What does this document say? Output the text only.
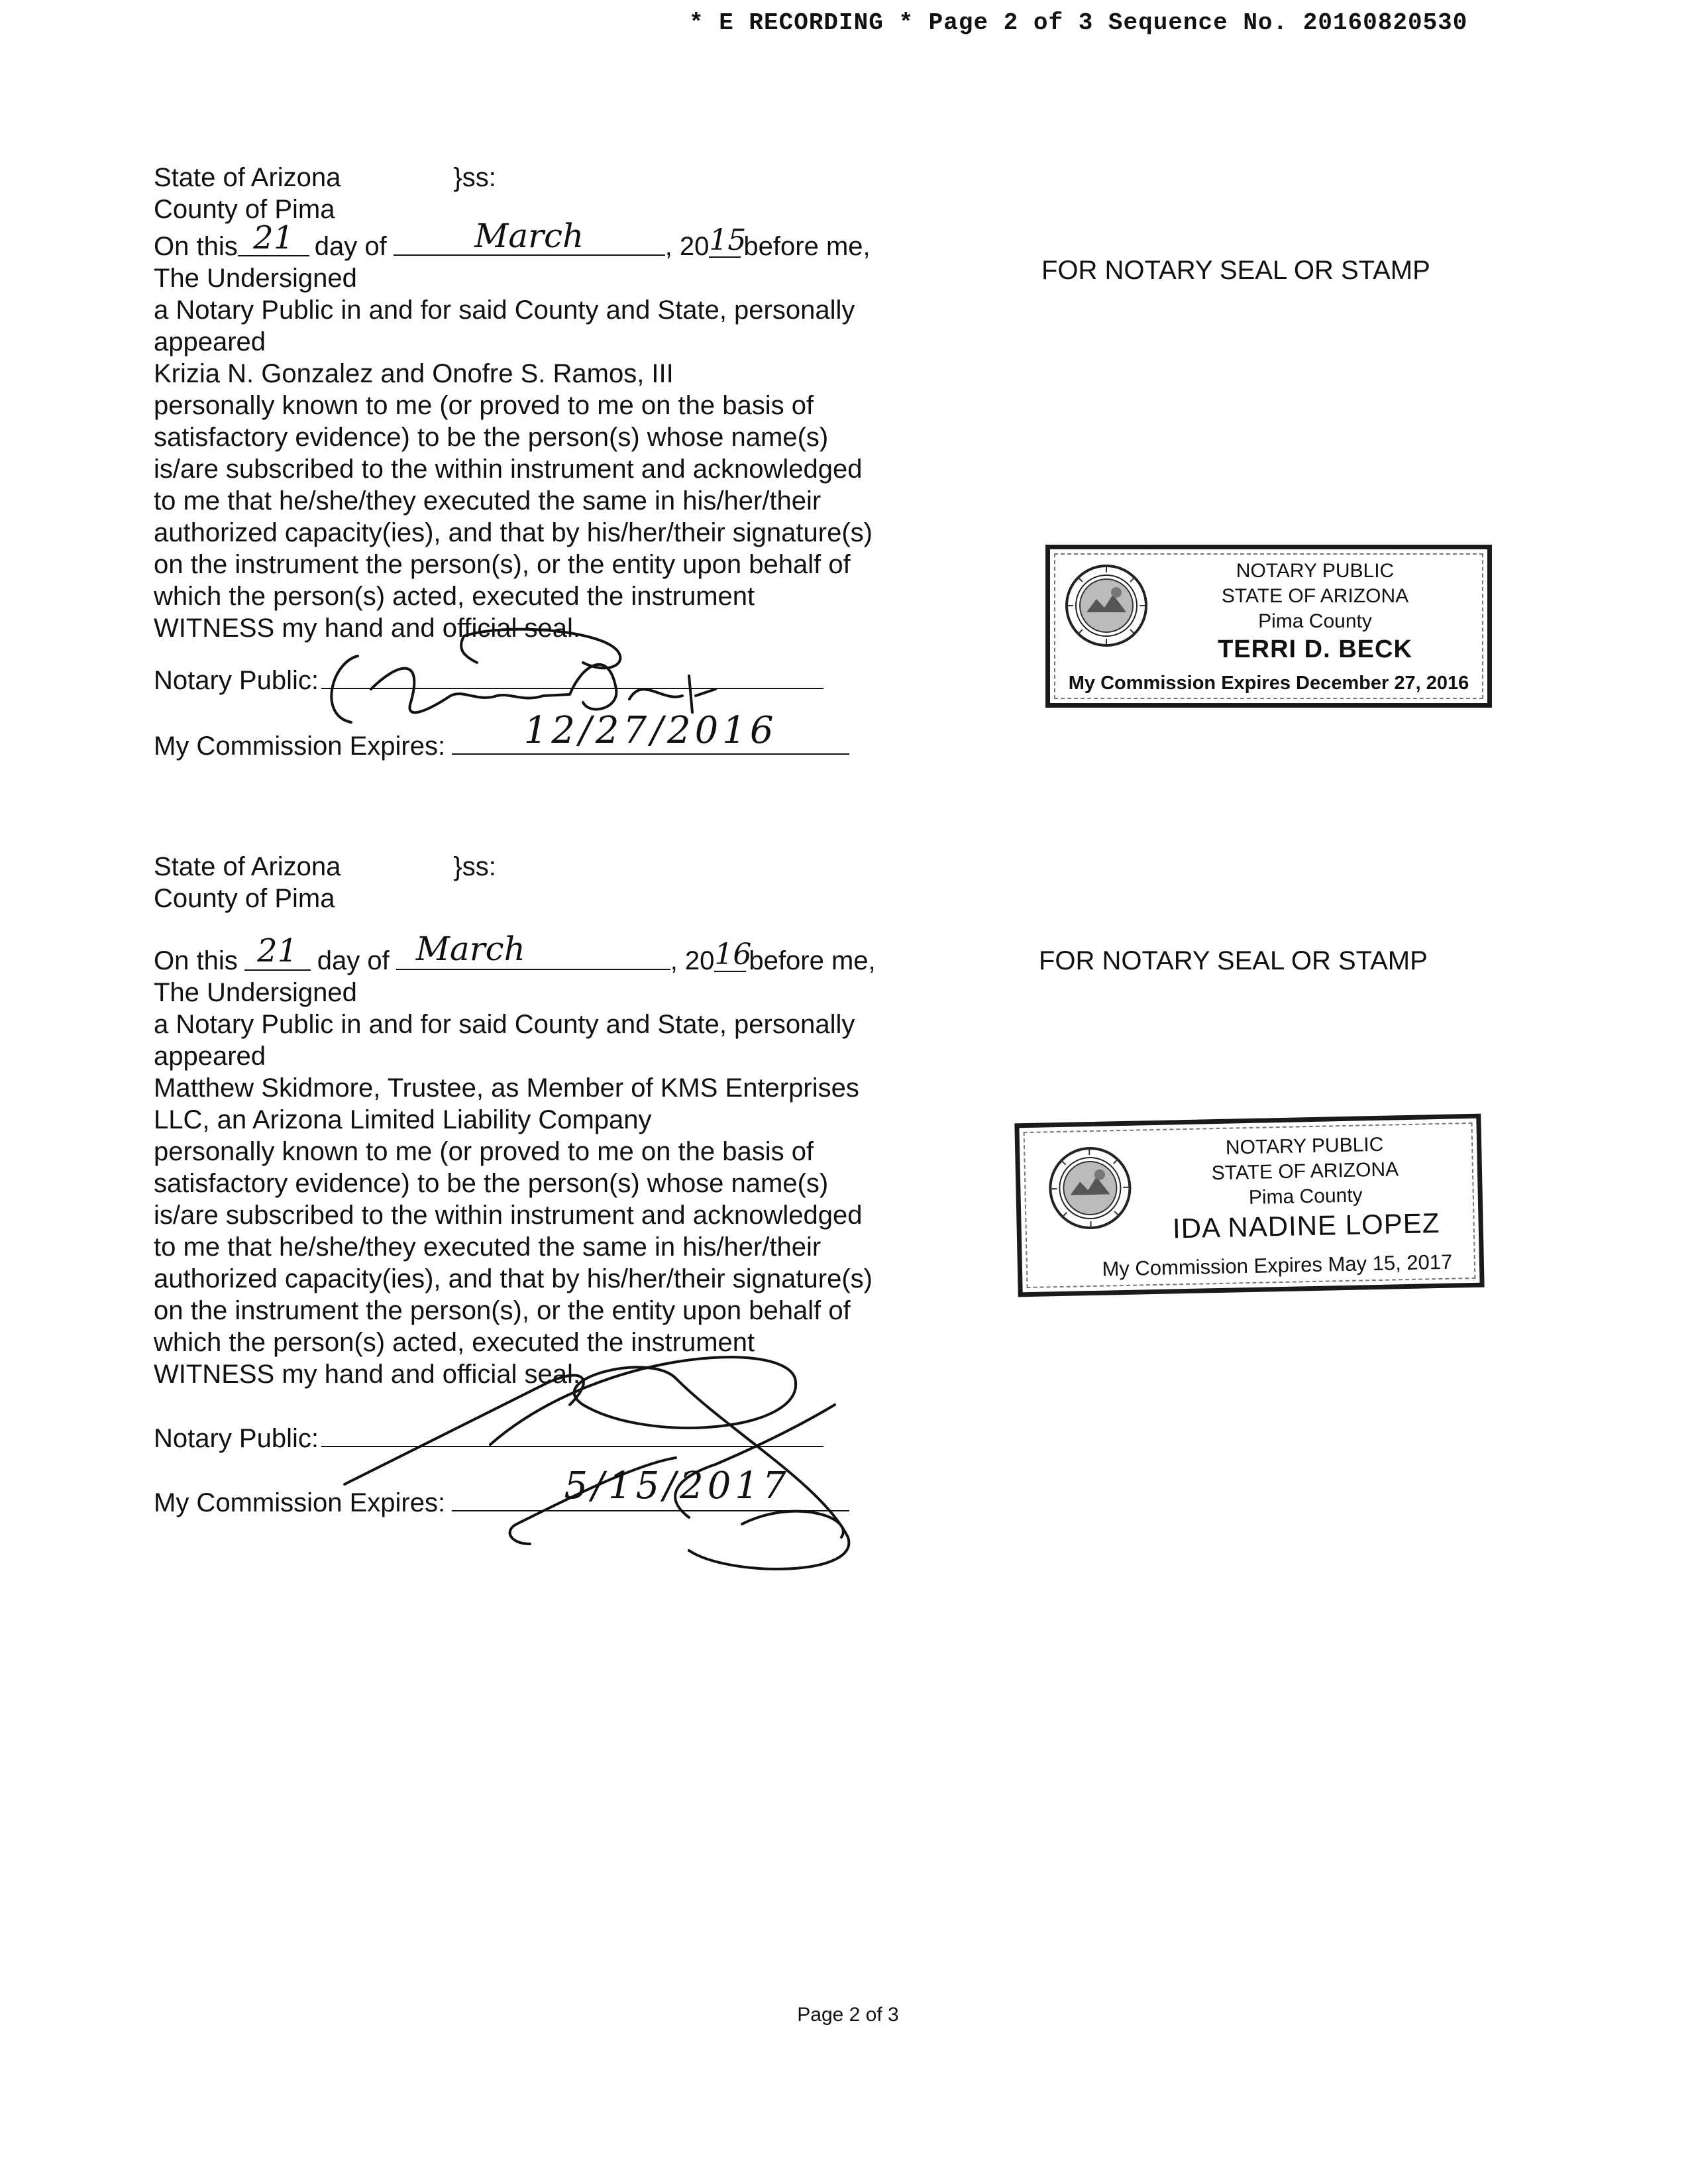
* E RECORDING * Page 2 of 3 Sequence No. 20160820530
State of Arizona	}ss:
County of Pima
On this 21 day of	March	, 20 15
before me,
The Undersigned
a Notary Public in and for said County and State, personally
appeared
Krizia N. Gonzalez and Onofre S. Ramos, III
personally known to me (or proved to me on the basis of
satisfactory evidence) to be the person(s) whose name(s)
is/are subscribed to the within instrument and acknowledged
to me that he/she/they executed the same in his/her/their
authorized capacity(ies), and that by his/her/their signature(s)
on the instrument the person(s), or the entity upon behalf of
which the person(s) acted, executed the instrument
WITNESS my hand and official seal.
Notary Public:
My Commission Expires:	12/27/2016
FOR NOTARY SEAL OR STAMP
NOTARY PUBLIC
STATE OF ARIZONA
Pima County
TERRI D. BECK
My Commission Expires December 27, 2016
State of Arizona	}ss:
County of Pima
On this 21 day of March	, 20 16
before me,
The Undersigned
a Notary Public in and for said County and State, personally
appeared
Matthew Skidmore, Trustee, as Member of KMS Enterprises
LLC, an Arizona Limited Liability Company
personally known to me (or proved to me on the basis of
satisfactory evidence) to be the person(s) whose name(s)
is/are subscribed to the within instrument and acknowledged
to me that he/she/they executed the same in his/her/their
authorized capacity(ies), and that by his/her/their signature(s)
on the instrument the person(s), or the entity upon behalf of
which the person(s) acted, executed the instrument
WITNESS my hand and official seal.
Notary Public:
My Commission Expires:	5/15/2017
FOR NOTARY SEAL OR STAMP
NOTARY PUBLIC
STATE OF ARIZONA
Pima County
IDA NADINE LOPEZ
My Commission Expires May 15, 2017
Page 2 of 3
